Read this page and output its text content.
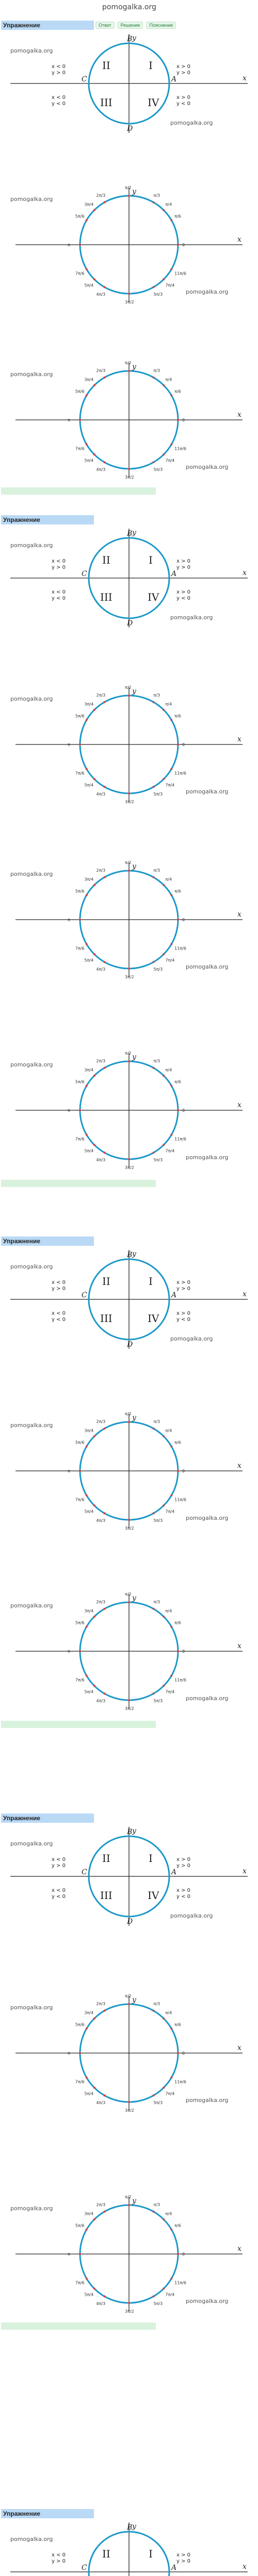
pomogalka.org
Упражнение	Ответ	Решение	Пояснение
x
y
I
II
III	IV
x > 0
y > 0
x < 0
y > 0
x < 0
y < 0
x > 0
y < 0
A
B
C
D
pomogalka.org
pomogalka.org
x
y
π/2
π/3
π/4
π/6
0
π
3π/2
5π/6
3π/4
2π/3
7π/6
5π/4
4π/3	5π/3
7π/4
11π/6
pomogalka.org
pomogalka.org
x
y
π/2
π/3
π/4
π/6
0
π
3π/2
5π/6
3π/4
2π/3
7π/6
5π/4
4π/3	5π/3
7π/4
11π/6
pomogalka.org
pomogalka.org
Упражнение
x
y
I
II
III	IV
x > 0
y > 0
x < 0
y > 0
x < 0
y < 0
x > 0
y < 0
A
B
C
D
pomogalka.org
pomogalka.org
x
y
π/2
π/3
π/4
π/6
0
π
3π/2
5π/6
3π/4
2π/3
7π/6
5π/4
4π/3	5π/3
7π/4
11π/6
pomogalka.org
pomogalka.org
x
y
π/2
π/3
π/4
π/6
0
π
3π/2
5π/6
3π/4
2π/3
7π/6
5π/4
4π/3	5π/3
7π/4
11π/6
pomogalka.org
pomogalka.org
x
y
π/2
π/3
π/4
π/6
0
π
3π/2
5π/6
3π/4
2π/3
7π/6
5π/4
4π/3	5π/3
7π/4
11π/6
pomogalka.org
pomogalka.org
Упражнение
x
y
I
II
III	IV
x > 0
y > 0
x < 0
y > 0
x < 0
y < 0
x > 0
y < 0
A
B
C
D
pomogalka.org
pomogalka.org
x
y
π/2
π/3
π/4
π/6
0
π
3π/2
5π/6
3π/4
2π/3
7π/6
5π/4
4π/3	5π/3
7π/4
11π/6
pomogalka.org
pomogalka.org
x
y
π/2
π/3
π/4
π/6
0
π
3π/2
5π/6
3π/4
2π/3
7π/6
5π/4
4π/3	5π/3
7π/4
11π/6
pomogalka.org
pomogalka.org
Упражнение
x
y
I
II
III	IV
x > 0
y > 0
x < 0
y > 0
x < 0
y < 0
x > 0
y < 0
A
B
C
D
pomogalka.org
pomogalka.org
x
y
π/2
π/3
π/4
π/6
0
π
3π/2
5π/6
3π/4
2π/3
7π/6
5π/4
4π/3	5π/3
7π/4
11π/6
pomogalka.org
pomogalka.org
x
y
π/2
π/3
π/4
π/6
0
π
3π/2
5π/6
3π/4
2π/3
7π/6
5π/4
4π/3	5π/3
7π/4
11π/6
pomogalka.org
pomogalka.org
Упражнение
x
y
I
II	x > 0
y > 0
x < 0
y > 0
A
B
C
pomogalka.org
